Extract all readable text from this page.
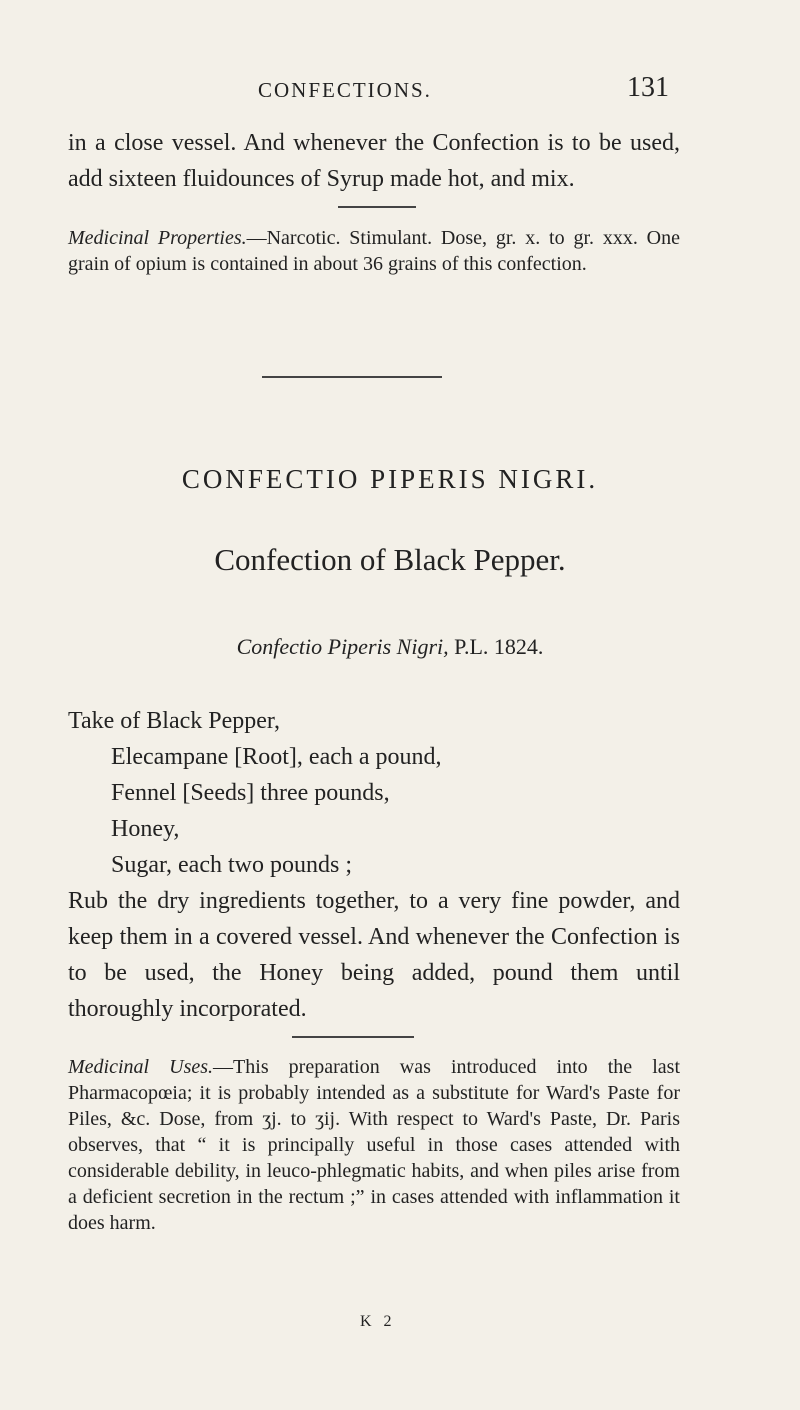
CONFECTIONS.	131
in a close vessel. And whenever the Confection is to be used, add sixteen fluidounces of Syrup made hot, and mix.
Medicinal Properties.—Narcotic. Stimulant. Dose, gr. x. to gr. xxx. One grain of opium is contained in about 36 grains of this confection.
CONFECTIO PIPERIS NIGRI.
Confection of Black Pepper.
Confectio Piperis Nigri, P.L. 1824.
Take of Black Pepper,
Elecampane [Root], each a pound,
Fennel [Seeds] three pounds,
Honey,
Sugar, each two pounds ;
Rub the dry ingredients together, to a very fine powder, and keep them in a covered vessel. And whenever the Confection is to be used, the Honey being added, pound them until thoroughly incorporated.
Medicinal Uses.—This preparation was introduced into the last Pharmacopœia; it is probably intended as a substitute for Ward's Paste for Piles, &c. Dose, from ʒj. to ʒij. With respect to Ward's Paste, Dr. Paris observes, that “ it is principally useful in those cases attended with considerable debility, in leuco-phlegmatic habits, and when piles arise from a deficient secretion in the rectum ;” in cases attended with inflammation it does harm.
K 2
